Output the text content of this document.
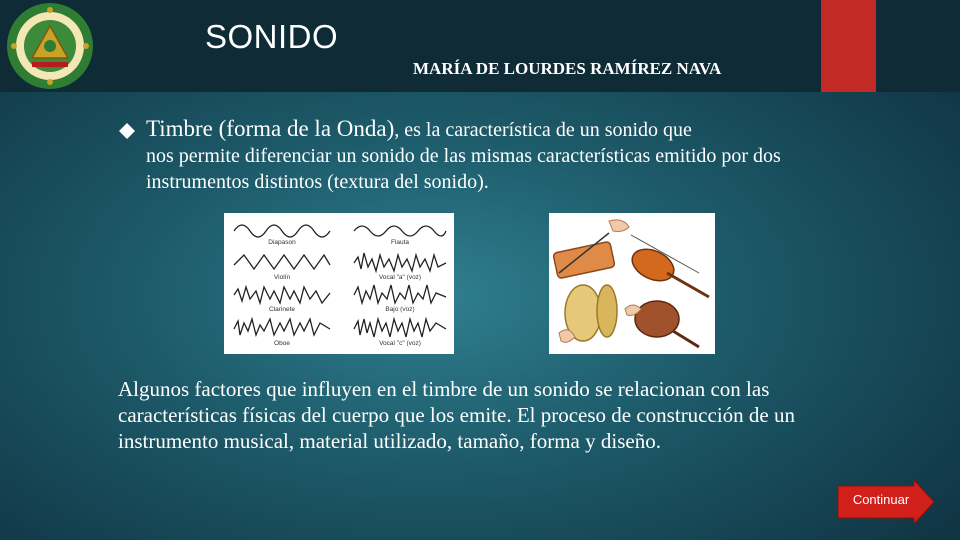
SONIDO
MARÍA DE LOURDES RAMÍREZ NAVA
Timbre (forma de la Onda), es la característica de un sonido que
nos permite diferenciar un sonido de las mismas características emitido por dos instrumentos distintos (textura del sonido).
Diapason	Flauta
Violín	Vocal "a" (voz)
Clarinete	Bajo (voz)
Oboe	Vocal "c" (voz)
Algunos factores que influyen en el timbre de un sonido se relacionan con las características físicas del cuerpo que los emite. El proceso de construcción de un instrumento musical, material utilizado, tamaño, forma y diseño.
Continuar
